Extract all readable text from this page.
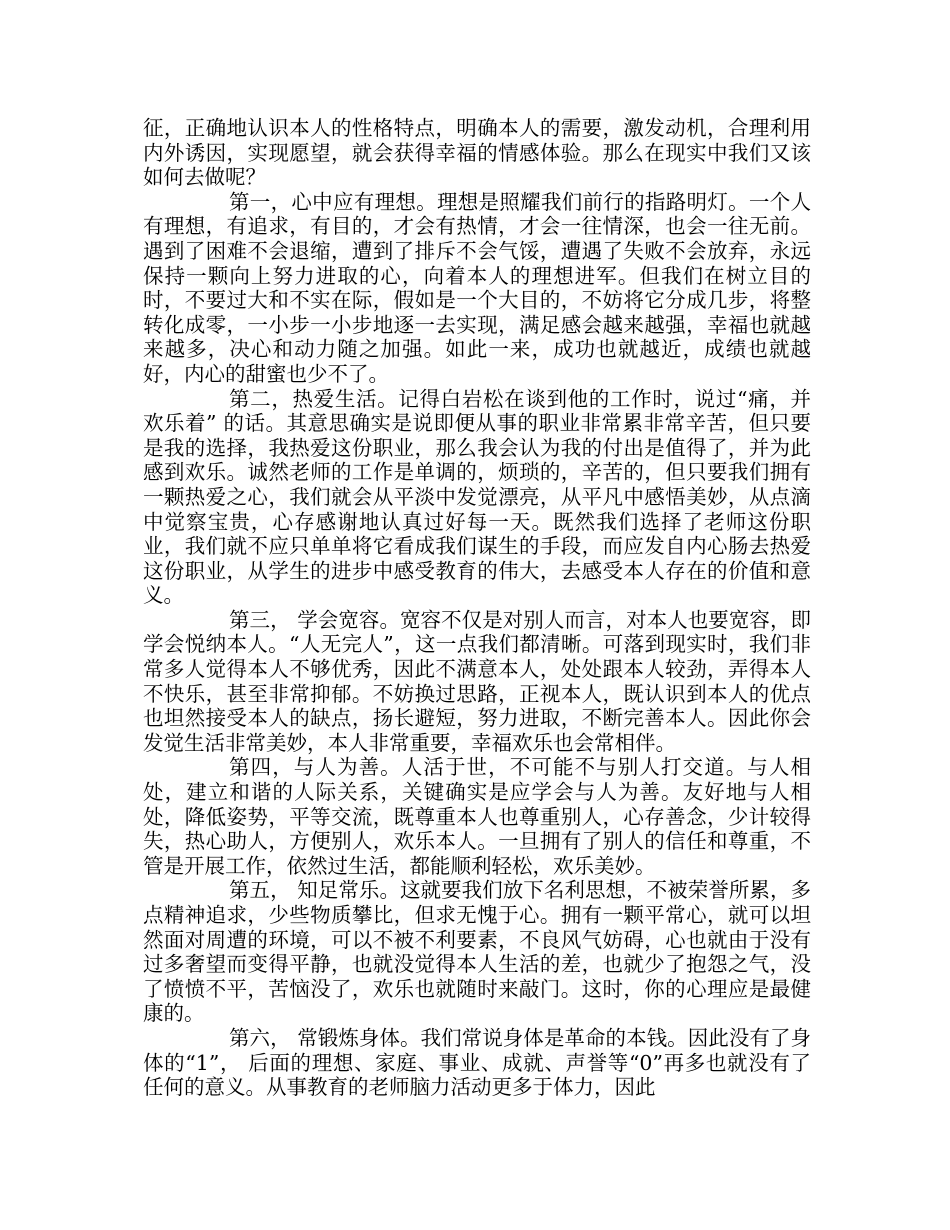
征，正确地认识本人的性格特点，明确本人的需要，激发动机，合理利用内外诱因，实现愿望，就会获得幸福的情感体验。那么在现实中我们又该如何去做呢？

第一，心中应有理想。理想是照耀我们前行的指路明灯。一个人有理想，有追求，有目的，才会有热情，才会一往情深，也会一往无前。遇到了困难不会退缩，遭到了排斥不会气馁，遭遇了失败不会放弃，永远保持一颗向上努力进取的心，向着本人的理想进军。但我们在树立目的时，不要过大和不实在际，假如是一个大目的，不妨将它分成几步，将整转化成零，一小步一小步地逐一去实现，满足感会越来越强，幸福也就越来越多，决心和动力随之加强。如此一来，成功也就越近，成绩也就越好，内心的甜蜜也少不了。

第二，热爱生活。记得白岩松在谈到他的工作时，说过“痛，并欢乐着” 的话。其意思确实是说即便从事的职业非常累非常辛苦，但只要是我的选择，我热爱这份职业，那么我会认为我的付出是值得了，并为此感到欢乐。诚然老师的工作是单调的，烦琐的，辛苦的，但只要我们拥有一颗热爱之心，我们就会从平淡中发觉漂亮，从平凡中感悟美妙，从点滴中觉察宝贵，心存感谢地认真过好每一天。既然我们选择了老师这份职业，我们就不应只单单将它看成我们谋生的手段，而应发自内心肠去热爱这份职业，从学生的进步中感受教育的伟大，去感受本人存在的价值和意义。

第三， 学会宽容。宽容不仅是对别人而言，对本人也要宽容，即学会悦纳本人。“人无完人”，这一点我们都清晰。可落到现实时，我们非常多人觉得本人不够优秀，因此不满意本人，处处跟本人较劲，弄得本人不快乐，甚至非常抑郁。不妨换过思路，正视本人，既认识到本人的优点也坦然接受本人的缺点，扬长避短，努力进取，不断完善本人。因此你会发觉生活非常美妙，本人非常重要，幸福欢乐也会常相伴。

第四，与人为善。人活于世，不可能不与别人打交道。与人相处，建立和谐的人际关系，关键确实是应学会与人为善。友好地与人相处，降低姿势，平等交流，既尊重本人也尊重别人，心存善念，少计较得失，热心助人，方便别人，欢乐本人。一旦拥有了别人的信任和尊重，不管是开展工作，依然过生活，都能顺利轻松，欢乐美妙。

第五， 知足常乐。这就要我们放下名利思想，不被荣誉所累，多点精神追求，少些物质攀比，但求无愧于心。拥有一颗平常心，就可以坦然面对周遭的环境，可以不被不利要素，不良风气妨碍，心也就由于没有过多奢望而变得平静，也就没觉得本人生活的差，也就少了抱怨之气，没了愤愤不平，苦恼没了，欢乐也就随时来敲门。这时，你的心理应是最健康的。

第六， 常锻炼身体。我们常说身体是革命的本钱。因此没有了身体的“1”， 后面的理想、家庭、事业、成就、声誉等“0”再多也就没有了任何的意义。从事教育的老师脑力活动更多于体力，因此
